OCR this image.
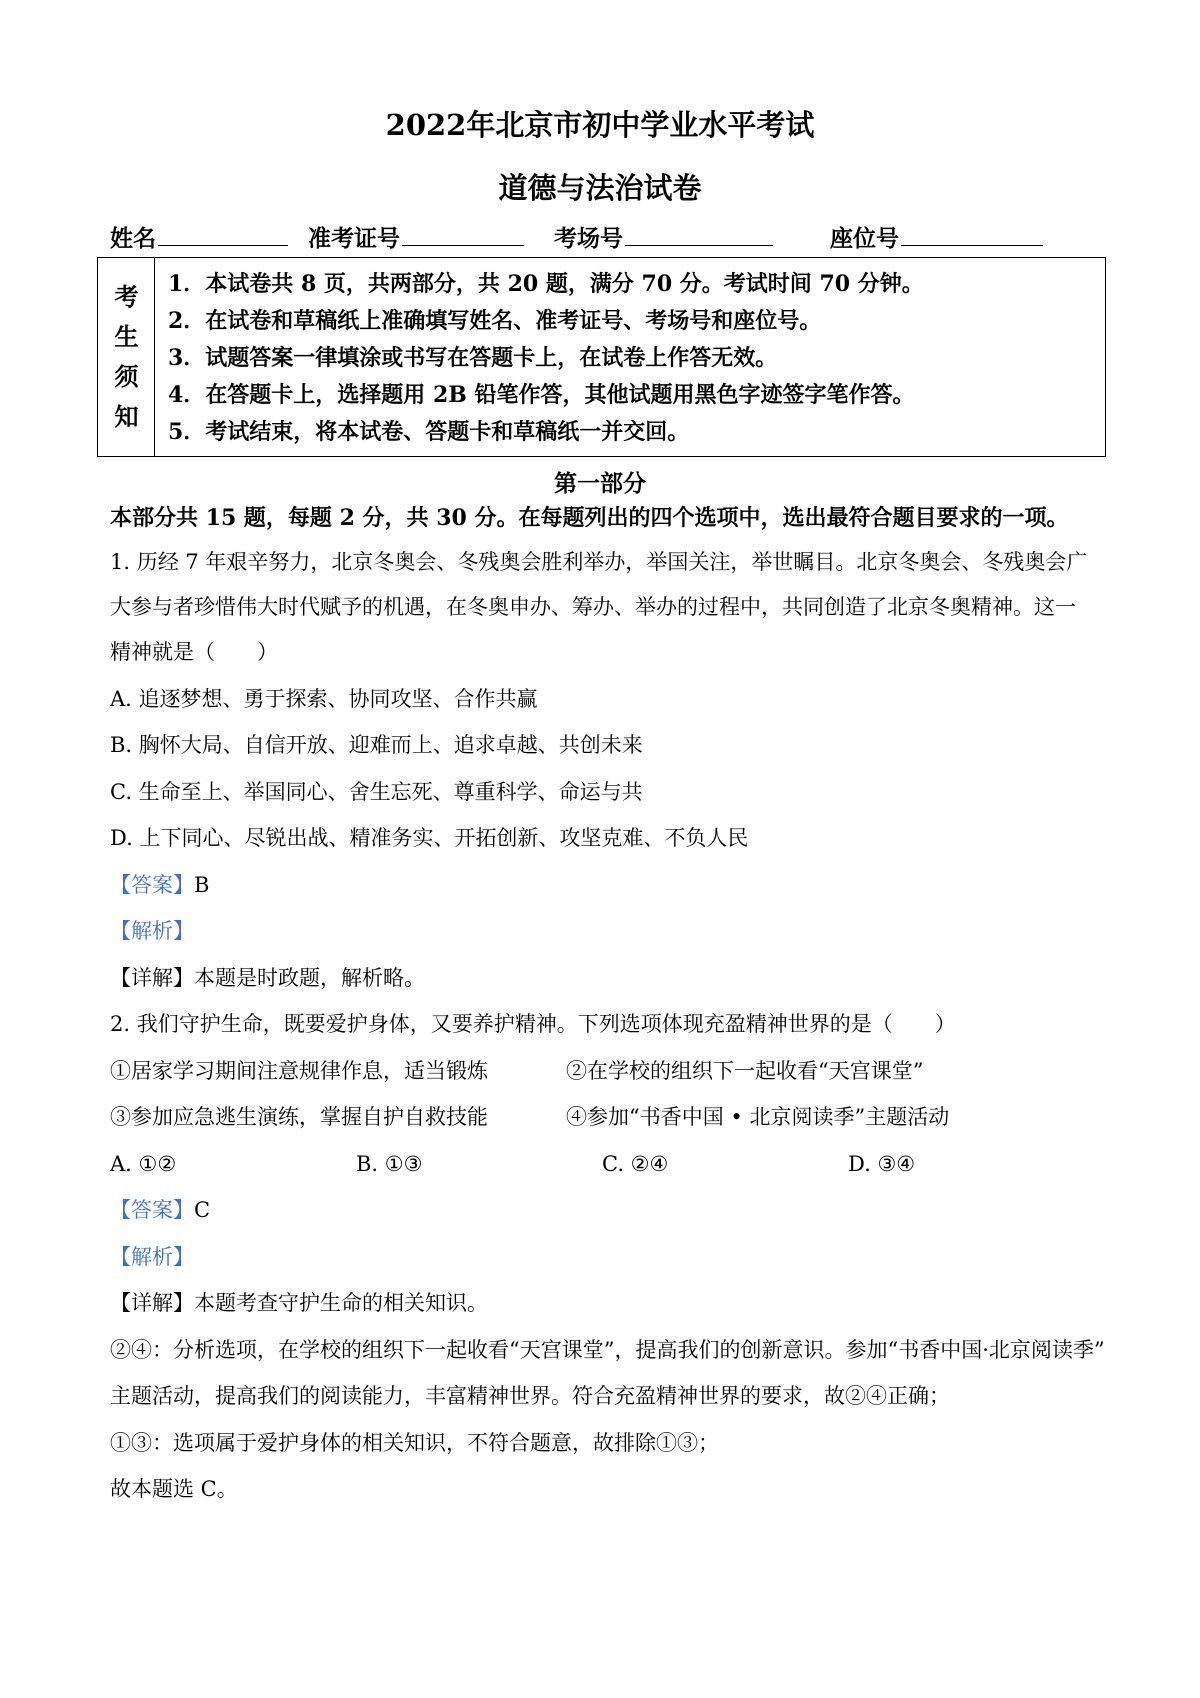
2022年北京市初中学业水平考试
道德与法治试卷
姓名	准考证号	考场号	座位号
考
生
须
知
1．本试卷共 8 页，共两部分，共 20 题，满分 70 分。考试时间 70 分钟。
2．在试卷和草稿纸上准确填写姓名、准考证号、考场号和座位号。
3．试题答案一律填涂或书写在答题卡上，在试卷上作答无效。
4．在答题卡上，选择题用 2B 铅笔作答，其他试题用黑色字迹签字笔作答。
5．考试结束，将本试卷、答题卡和草稿纸一并交回。
第一部分
本部分共 15 题，每题 2 分，共 30 分。在每题列出的四个选项中，选出最符合题目要求的一项。
1. 历经 7 年艰辛努力，北京冬奥会、冬残奥会胜利举办，举国关注，举世瞩目。北京冬奥会、冬残奥会广
大参与者珍惜伟大时代赋予的机遇，在冬奥申办、筹办、举办的过程中，共同创造了北京冬奥精神。这一
精神就是（　　）
A. 追逐梦想、勇于探索、协同攻坚、合作共赢
B. 胸怀大局、自信开放、迎难而上、追求卓越、共创未来
C. 生命至上、举国同心、舍生忘死、尊重科学、命运与共
D. 上下同心、尽锐出战、精准务实、开拓创新、攻坚克难、不负人民
【答案】B
【解析】
【详解】本题是时政题，解析略。
2. 我们守护生命，既要爱护身体，又要养护精神。下列选项体现充盈精神世界的是（　　）
①居家学习期间注意规律作息，适当锻炼	②在学校的组织下一起收看“天宫课堂”
③参加应急逃生演练，掌握自护自救技能	④参加“书香中国 • 北京阅读季”主题活动
A. ①②	B. ①③	C. ②④	D. ③④
【答案】C
【解析】
【详解】本题考查守护生命的相关知识。
②④：分析选项，在学校的组织下一起收看“天宫课堂”，提高我们的创新意识。参加“书香中国·北京阅读季”
主题活动，提高我们的阅读能力，丰富精神世界。符合充盈精神世界的要求，故②④正确；
①③：选项属于爱护身体的相关知识，不符合题意，故排除①③；
故本题选 C。
